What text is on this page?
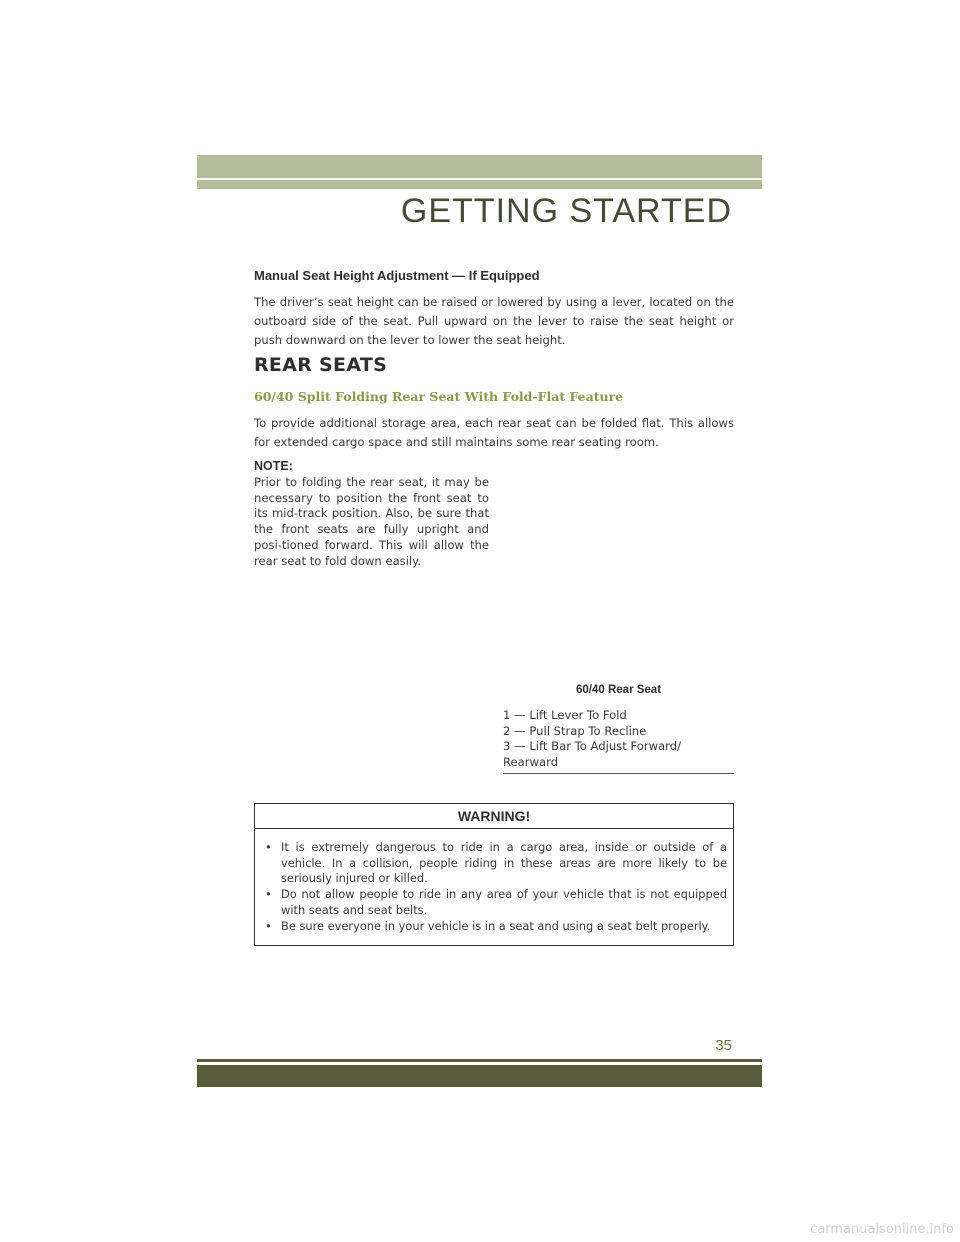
GETTING STARTED
Manual Seat Height Adjustment — If Equipped
The driver’s seat height can be raised or lowered by using a lever, located on the outboard side of the seat. Pull upward on the lever to raise the seat height or push downward on the lever to lower the seat height.
REAR SEATS
60/40 Split Folding Rear Seat With Fold-Flat Feature
To provide additional storage area, each rear seat can be folded flat. This allows for extended cargo space and still maintains some rear seating room.
NOTE:
Prior to folding the rear seat, it may be necessary to position the front seat to its mid-track position. Also, be sure that the front seats are fully upright and posi-tioned forward. This will allow the rear seat to fold down easily.
60/40 Rear Seat
1 — Lift Lever To Fold
2 — Pull Strap To Recline
3 — Lift Bar To Adjust Forward/ Rearward
WARNING!
• It is extremely dangerous to ride in a cargo area, inside or outside of a vehicle. In a collision, people riding in these areas are more likely to be seriously injured or killed.
• Do not allow people to ride in any area of your vehicle that is not equipped with seats and seat belts.
• Be sure everyone in your vehicle is in a seat and using a seat belt properly.
35
carmanualsonline.info
